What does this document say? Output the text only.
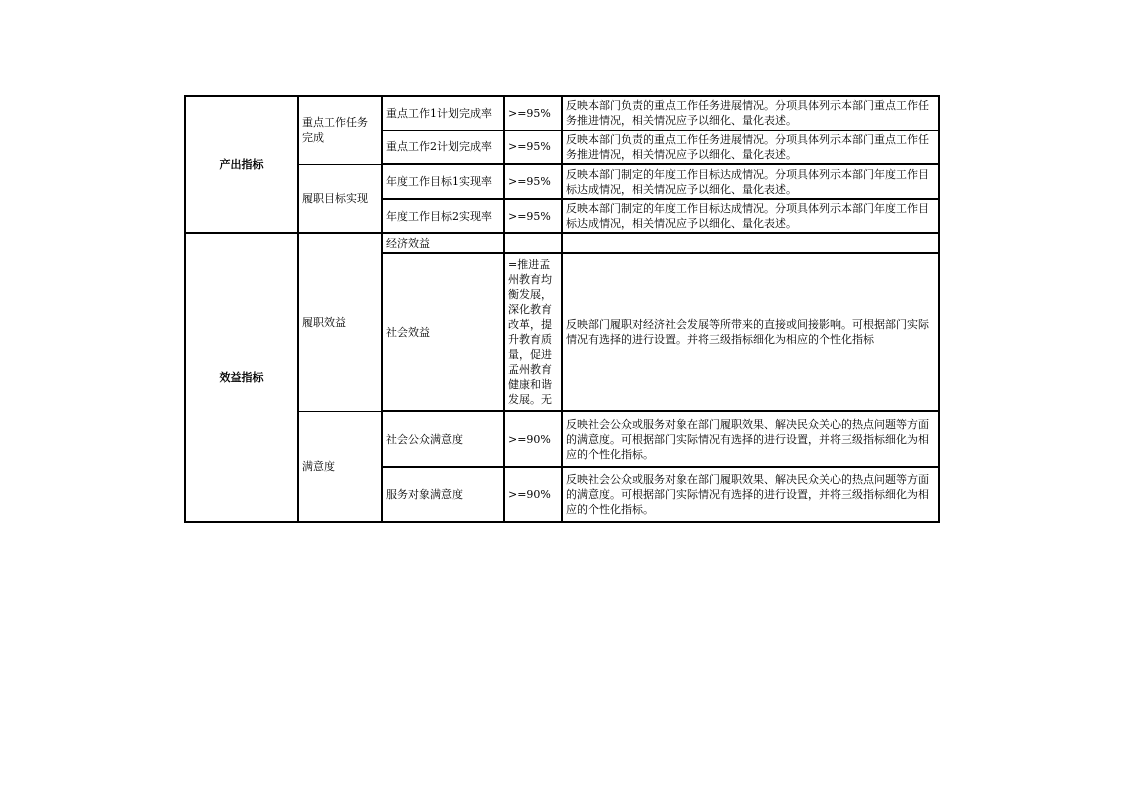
产出指标	重点工作任务完成	重点工作1计划完成率	>=95%	反映本部门负责的重点工作任务进展情况。分项具体列示本部门重点工作任务推进情况，相关情况应予以细化、量化表述。
		重点工作2计划完成率	>=95%	反映本部门负责的重点工作任务进展情况。分项具体列示本部门重点工作任务推进情况，相关情况应予以细化、量化表述。
	履职目标实现	年度工作目标1实现率	>=95%	反映本部门制定的年度工作目标达成情况。分项具体列示本部门年度工作目标达成情况，相关情况应予以细化、量化表述。
		年度工作目标2实现率	>=95%	反映本部门制定的年度工作目标达成情况。分项具体列示本部门年度工作目标达成情况，相关情况应予以细化、量化表述。
效益指标	履职效益	经济效益		
		社会效益	=推进孟州教育均衡发展，深化教育改革，提升教育质量，促进孟州教育健康和谐发展。无	反映部门履职对经济社会发展等所带来的直接或间接影响。可根据部门实际情况有选择的进行设置。并将三级指标细化为相应的个性化指标
	满意度	社会公众满意度	>=90%	反映社会公众或服务对象在部门履职效果、解决民众关心的热点问题等方面的满意度。可根据部门实际情况有选择的进行设置，并将三级指标细化为相应的个性化指标。
		服务对象满意度	>=90%	反映社会公众或服务对象在部门履职效果、解决民众关心的热点问题等方面的满意度。可根据部门实际情况有选择的进行设置，并将三级指标细化为相应的个性化指标。
